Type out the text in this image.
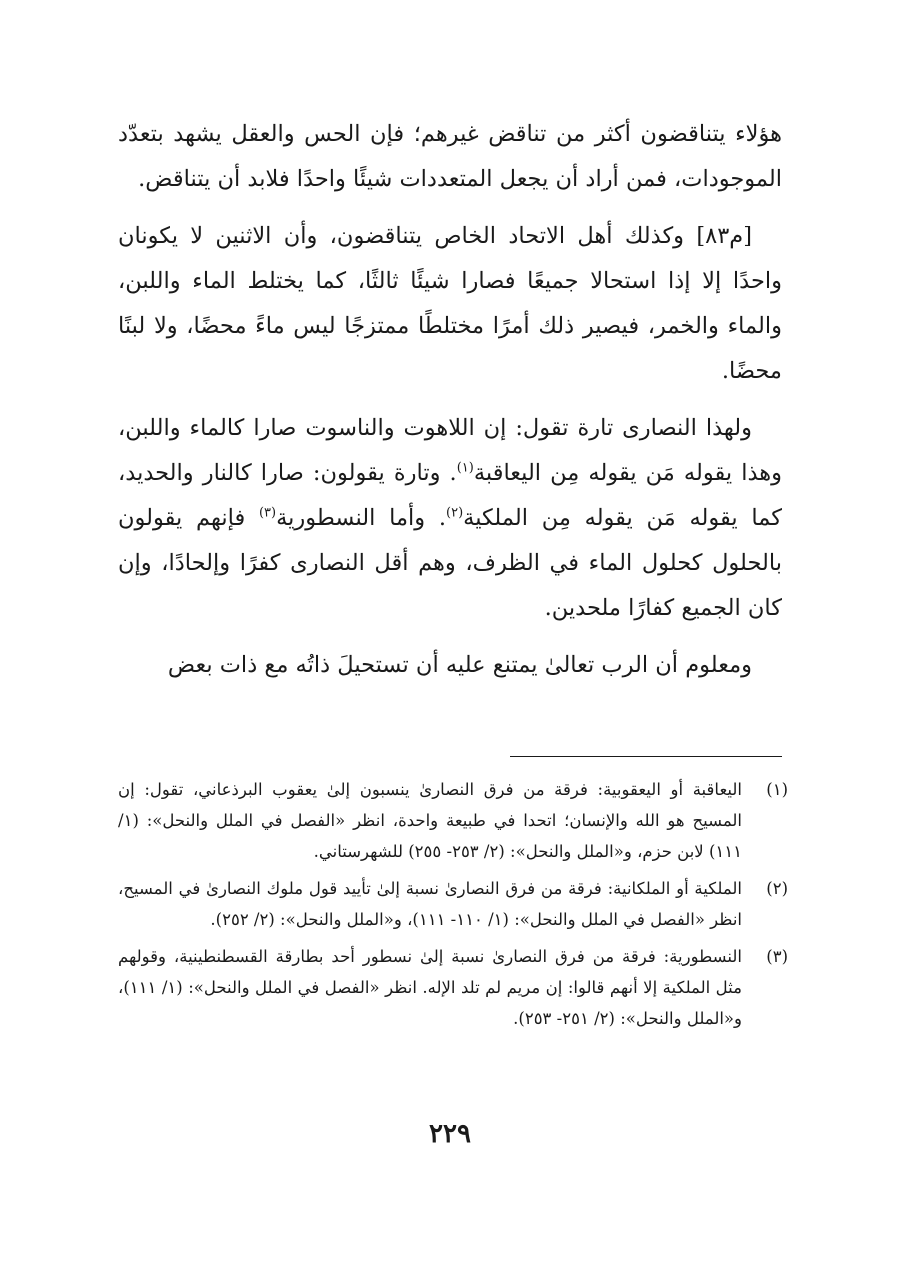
هؤلاء يتناقضون أكثر من تناقض غيرهم؛ فإن الحس والعقل يشهد بتعدّد الموجودات، فمن أراد أن يجعل المتعددات شيئًا واحدًا فلابد أن يتناقض.

[م٨٣] وكذلك أهل الاتحاد الخاص يتناقضون، وأن الاثنين لا يكونان واحدًا إلا إذا استحالا جميعًا فصارا شيئًا ثالثًا، كما يختلط الماء واللبن، والماء والخمر، فيصير ذلك أمرًا مختلطًا ممتزجًا ليس ماءً محضًا، ولا لبنًا محضًا.

ولهذا النصارى تارة تقول: إن اللاهوت والناسوت صارا كالماء واللبن، وهذا يقوله مَن يقوله مِن اليعاقبة$^{(١)}$. وتارة يقولون: صارا كالنار والحديد، كما يقوله مَن يقوله مِن الملكية$^{(٢)}$. وأما النسطورية$^{(٣)}$ فإنهم يقولون بالحلول كحلول الماء في الظرف، وهم أقل النصارى كفرًا وإلحادًا، وإن كان الجميع كفارًا ملحدين.

ومعلوم أن الرب تعالىٰ يمتنع عليه أن تستحيلَ ذاتُه مع ذات بعض

(١)
اليعاقبة أو اليعقوبية: فرقة من فرق النصارىٰ ينسبون إلىٰ يعقوب البرذعاني، تقول: إن المسيح هو الله والإنسان؛ اتحدا في طبيعة واحدة، انظر «الفصل في الملل والنحل»: (١/ ١١١) لابن حزم، و«الملل والنحل»: (٢/ ٢٥٣- ٢٥٥) للشهرستاني.
(٢)
الملكية أو الملكانية: فرقة من فرق النصارىٰ نسبة إلىٰ تأييد قول ملوك النصارىٰ في المسيح، انظر «الفصل في الملل والنحل»: (١/ ١١٠- ١١١)، و«الملل والنحل»: (٢/ ٢٥٢).
(٣)
النسطورية: فرقة من فرق النصارىٰ نسبة إلىٰ نسطور أحد بطارقة القسطنطينية، وقولهم مثل الملكية إلا أنهم قالوا: إن مريم لم تلد الإله. انظر «الفصل في الملل والنحل»: (١/ ١١١)، و«الملل والنحل»: (٢/ ٢٥١- ٢٥٣).
٢٢٩
